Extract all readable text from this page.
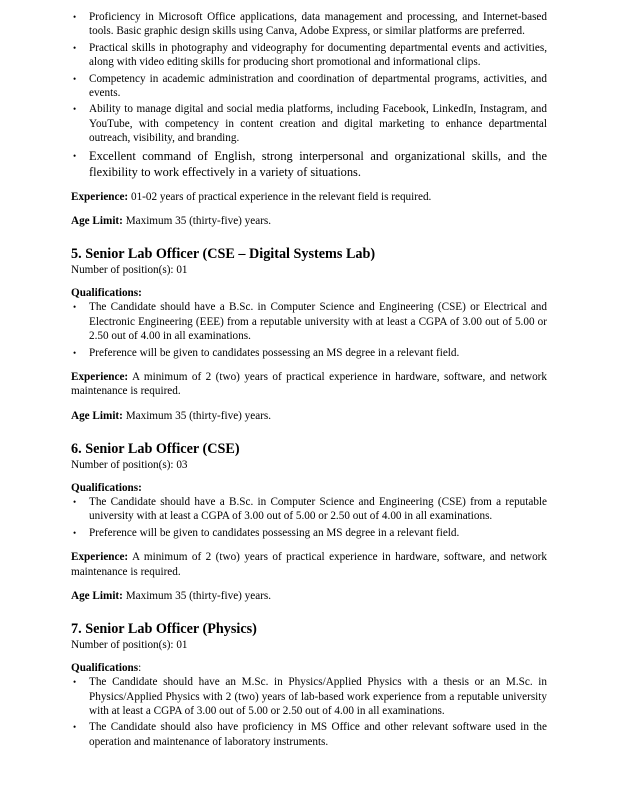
• Proficiency in Microsoft Office applications, data management and processing, and Internet-based tools. Basic graphic design skills using Canva, Adobe Express, or similar platforms are preferred.
• Practical skills in photography and videography for documenting departmental events and activities, along with video editing skills for producing short promotional and informational clips.
• Competency in academic administration and coordination of departmental programs, activities, and events.
• Ability to manage digital and social media platforms, including Facebook, LinkedIn, Instagram, and YouTube, with competency in content creation and digital marketing to enhance departmental outreach, visibility, and branding.
• Excellent command of English, strong interpersonal and organizational skills, and the flexibility to work effectively in a variety of situations.

Experience: 01-02 years of practical experience in the relevant field is required.

Age Limit: Maximum 35 (thirty-five) years.

5. Senior Lab Officer (CSE – Digital Systems Lab)

Number of position(s): 01

Qualifications:

• The Candidate should have a B.Sc. in Computer Science and Engineering (CSE) or Electrical and Electronic Engineering (EEE) from a reputable university with at least a CGPA of 3.00 out of 5.00 or 2.50 out of 4.00 in all examinations.
• Preference will be given to candidates possessing an MS degree in a relevant field.

Experience: A minimum of 2 (two) years of practical experience in hardware, software, and network maintenance is required.

Age Limit: Maximum 35 (thirty-five) years.

6. Senior Lab Officer (CSE)

Number of position(s): 03

Qualifications:

• The Candidate should have a B.Sc. in Computer Science and Engineering (CSE) from a reputable university with at least a CGPA of 3.00 out of 5.00 or 2.50 out of 4.00 in all examinations.
• Preference will be given to candidates possessing an MS degree in a relevant field.

Experience: A minimum of 2 (two) years of practical experience in hardware, software, and network maintenance is required.

Age Limit: Maximum 35 (thirty-five) years.

7. Senior Lab Officer (Physics)

Number of position(s): 01

Qualifications:

• The Candidate should have an M.Sc. in Physics/Applied Physics with a thesis or an M.Sc. in Physics/Applied Physics with 2 (two) years of lab-based work experience from a reputable university with at least a CGPA of 3.00 out of 5.00 or 2.50 out of 4.00 in all examinations.
• The Candidate should also have proficiency in MS Office and other relevant software used in the operation and maintenance of laboratory instruments.
